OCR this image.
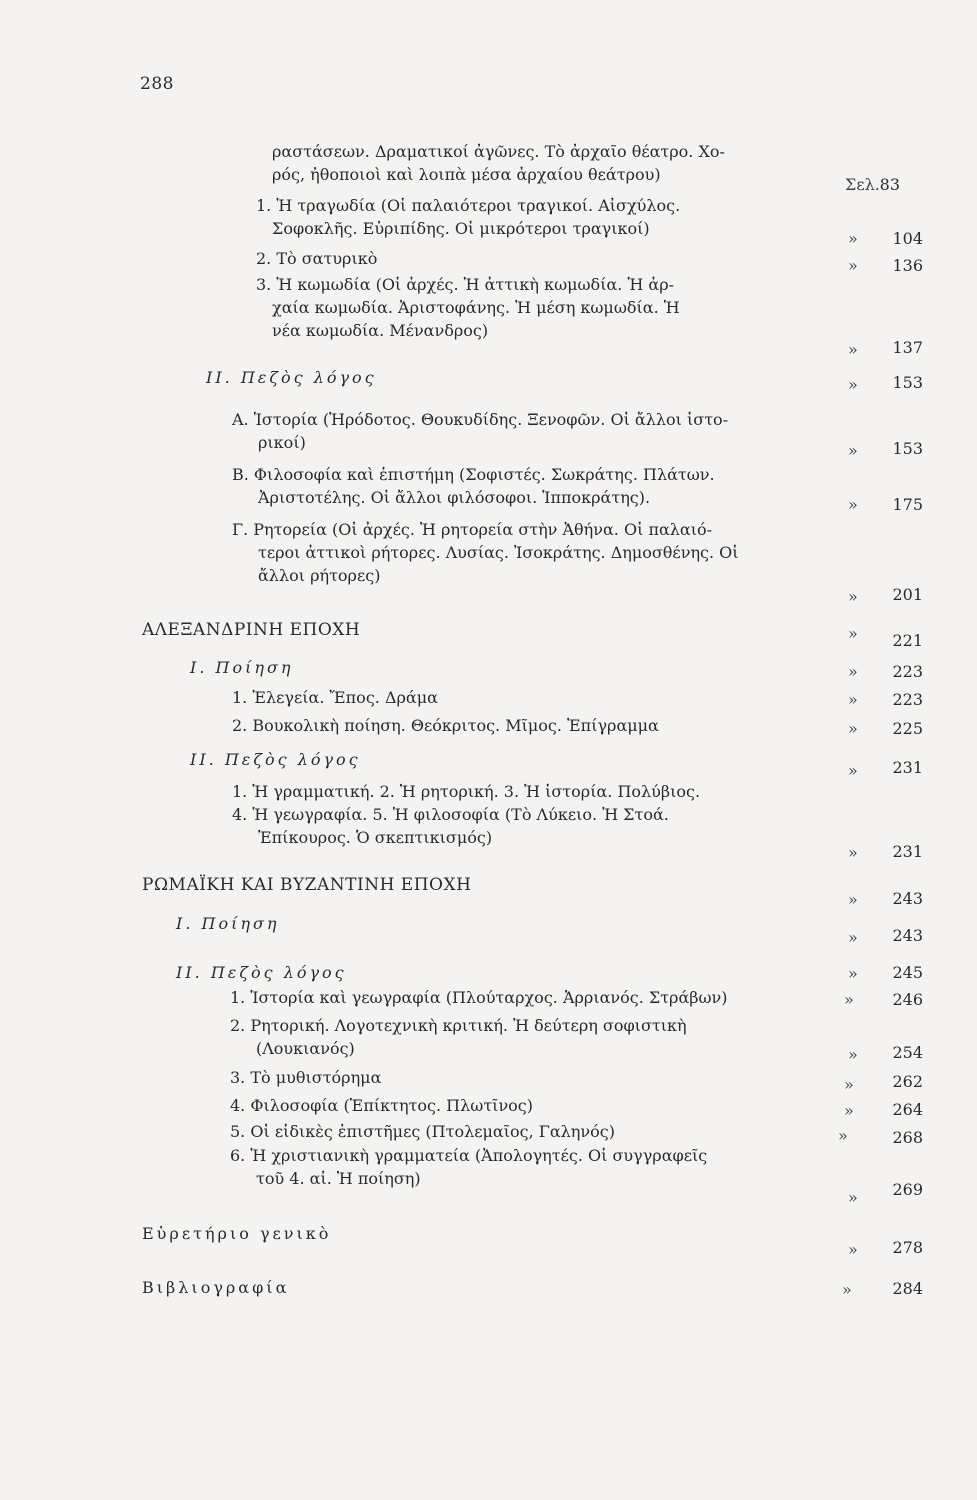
288
ραστάσεων. Δραματικοί ἀγῶνες. Τὸ ἀρχαῖο θέατρο. Χο-
ρός, ἠθοποιοὶ καὶ λοιπὰ μέσα ἀρχαίου θεάτρου)
Σελ. 83
1. Ἡ τραγωδία (Οἱ παλαιότεροι τραγικοί. Αἰσχύλος.
Σοφοκλῆς. Εὐριπίδης. Οἱ μικρότεροι τραγικοί)
»	104
2. Τὸ σατυρικὸ	»	136
3. Ἡ κωμωδία (Οἱ ἀρχές. Ἡ ἀττικὴ κωμωδία. Ἡ ἀρ-
χαία κωμωδία. Ἀριστοφάνης. Ἡ μέση κωμωδία. Ἡ
νέα κωμωδία. Μένανδρος)
»	137
ΙΙ. Πεζὸς λόγος	»	153
Α. Ἱστορία (Ἡρόδοτος. Θουκυδίδης. Ξενοφῶν. Οἱ ἄλλοι ἱστο-
ρικοί)	»	153
Β. Φιλοσοφία καὶ ἐπιστήμη (Σοφιστές. Σωκράτης. Πλάτων.
Ἀριστοτέλης. Οἱ ἄλλοι φιλόσοφοι. Ἱπποκράτης).	»	175
Γ. Ρητορεία (Οἱ ἀρχές. Ἡ ρητορεία στὴν Ἀθήνα. Οἱ παλαιό-
τεροι ἀττικοὶ ρήτορες. Λυσίας. Ἰσοκράτης. Δημοσθένης. Οἱ
ἄλλοι ρήτορες)
»	201
ΑΛΕΞΑΝΔΡΙΝΗ ΕΠΟΧΗ	»	221
Ι. Ποίηση	»	223
1. Ἐλεγεία. Ἔπος. Δράμα	»	223
2. Βουκολικὴ ποίηση. Θεόκριτος. Μῖμος. Ἐπίγραμμα	»	225
ΙΙ. Πεζὸς λόγος
»	231
1. Ἡ γραμματική. 2. Ἡ ρητορική. 3. Ἡ ἱστορία. Πολύβιος.
4. Ἡ γεωγραφία. 5. Ἡ φιλοσοφία (Τὸ Λύκειο. Ἡ Στοά.
Ἐπίκουρος. Ὁ σκεπτικισμός)
»	231
ΡΩΜΑΪΚΗ ΚΑΙ ΒΥΖΑΝΤΙΝΗ ΕΠΟΧΗ
»	243
Ι. Ποίηση
»	243
ΙΙ. Πεζὸς λόγος	»	245
1. Ἱστορία καὶ γεωγραφία (Πλούταρχος. Ἀρριανός. Στράβων)	»	246
2. Ρητορική. Λογοτεχνικὴ κριτική. Ἡ δεύτερη σοφιστικὴ
(Λουκιανός)	»	254
3. Τὸ μυθιστόρημα	»	262
4. Φιλοσοφία (Ἐπίκτητος. Πλωτῖνος)	»	264
5. Οἱ εἰδικὲς ἐπιστῆμες (Πτολεμαῖος, Γαληνός)	»	268
6. Ἡ χριστιανικὴ γραμματεία (Ἀπολογητές. Οἱ συγγραφεῖς
τοῦ 4. αἰ. Ἡ ποίηση)
»	269
Εὑρετήριο γενικὸ
»	278
Βιβλιογραφία	»	284
